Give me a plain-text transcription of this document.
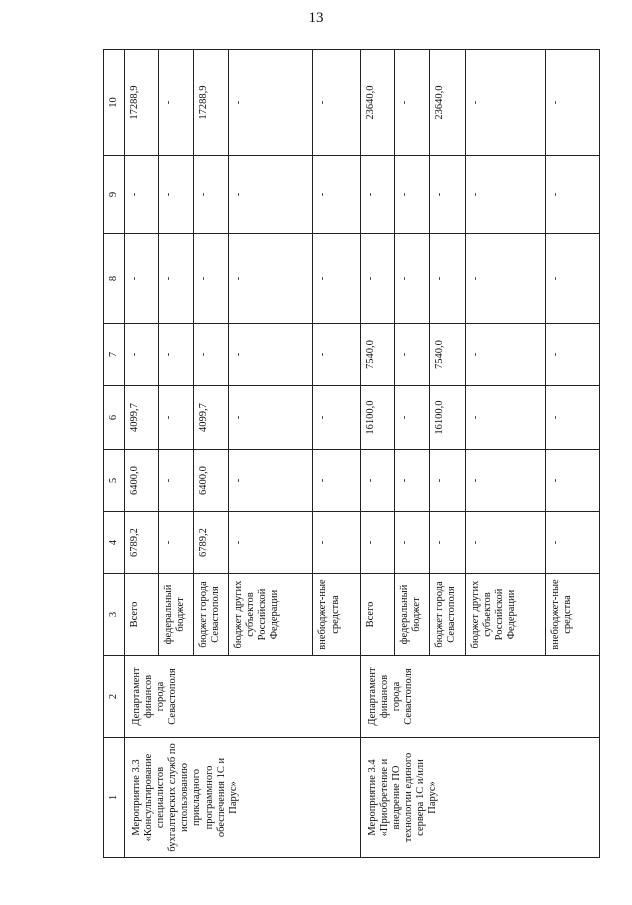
13
1	2	3	4	5	6	7	8	9	10
Мероприятие 3.3 «Консультирование специалистов бухгалтерских служб по использованию прикладного программного обеспечения 1С и Парус»	Департамент финансов города Севастополя	Всего	6789,2	6400,0	4099,7	-	-	-	17288,9
		федеральный бюджет	-	-	-	-	-	-	-
		бюджет города Севастополя	6789,2	6400,0	4099,7	-	-	-	17288,9
		бюджет других субъектов Российской Федерации	-	-	-	-	-	-	-
		внебюджет-ные средства	-	-	-	-	-	-	-
Мероприятие 3.4 «Приобретение и внедрение ПО технологии единого сервера 1С и/или Парус»	Департамент финансов города Севастополя	Всего	-	-	16100,0	7540,0	-	-	23640,0
		федеральный бюджет	-	-	-	-	-	-	-
		бюджет города Севастополя	-	-	16100,0	7540,0	-	-	23640,0
		бюджет других субъектов Российской Федерации	-	-	-	-	-	-	-
		внебюджет-ные средства	-	-	-	-	-	-	-
